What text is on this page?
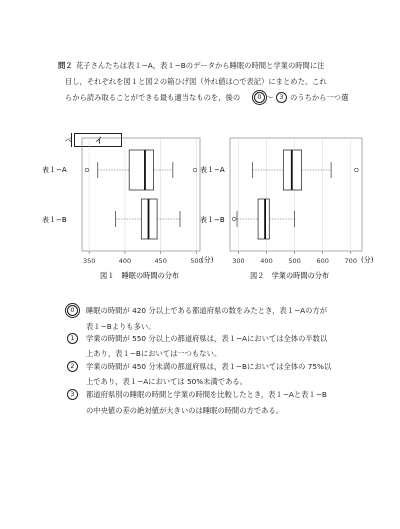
問２ 花子さんたちは表１−A，表１−Bのデータから睡眠の時間と学業の時間に注
目し，それぞれを図１と図２の箱ひげ図（外れ値は○で表記）にまとめた。これ
らから読み取ることができる最も適当なものを，後の	0 〜 3 のうちから一つ選
べ。 イ
350	400	450	500
表１−A
表１−B
(分)
図１　睡眠の時間の分布
300 400 500 600 700
表１−A
表１−B
(分)
図２　学業の時間の分布
0	睡眠の時間が 420 分以上である都道府県の数をみたとき，表１−Aの方が
表１−Bよりも多い。
1	学業の時間が 550 分以上の都道府県は，表１−Aにおいては全体の半数以
上あり，表１−Bにおいては一つもない。
2	学業の時間が 450 分未満の都道府県は，表１−Bにおいては全体の 75%以
上であり，表１−Aにおいては 50%未満である。
3	都道府県別の睡眠の時間と学業の時間を比較したとき，表１−Aと表１−B
の中央値の差の絶対値が大きいのは睡眠の時間の方である。
